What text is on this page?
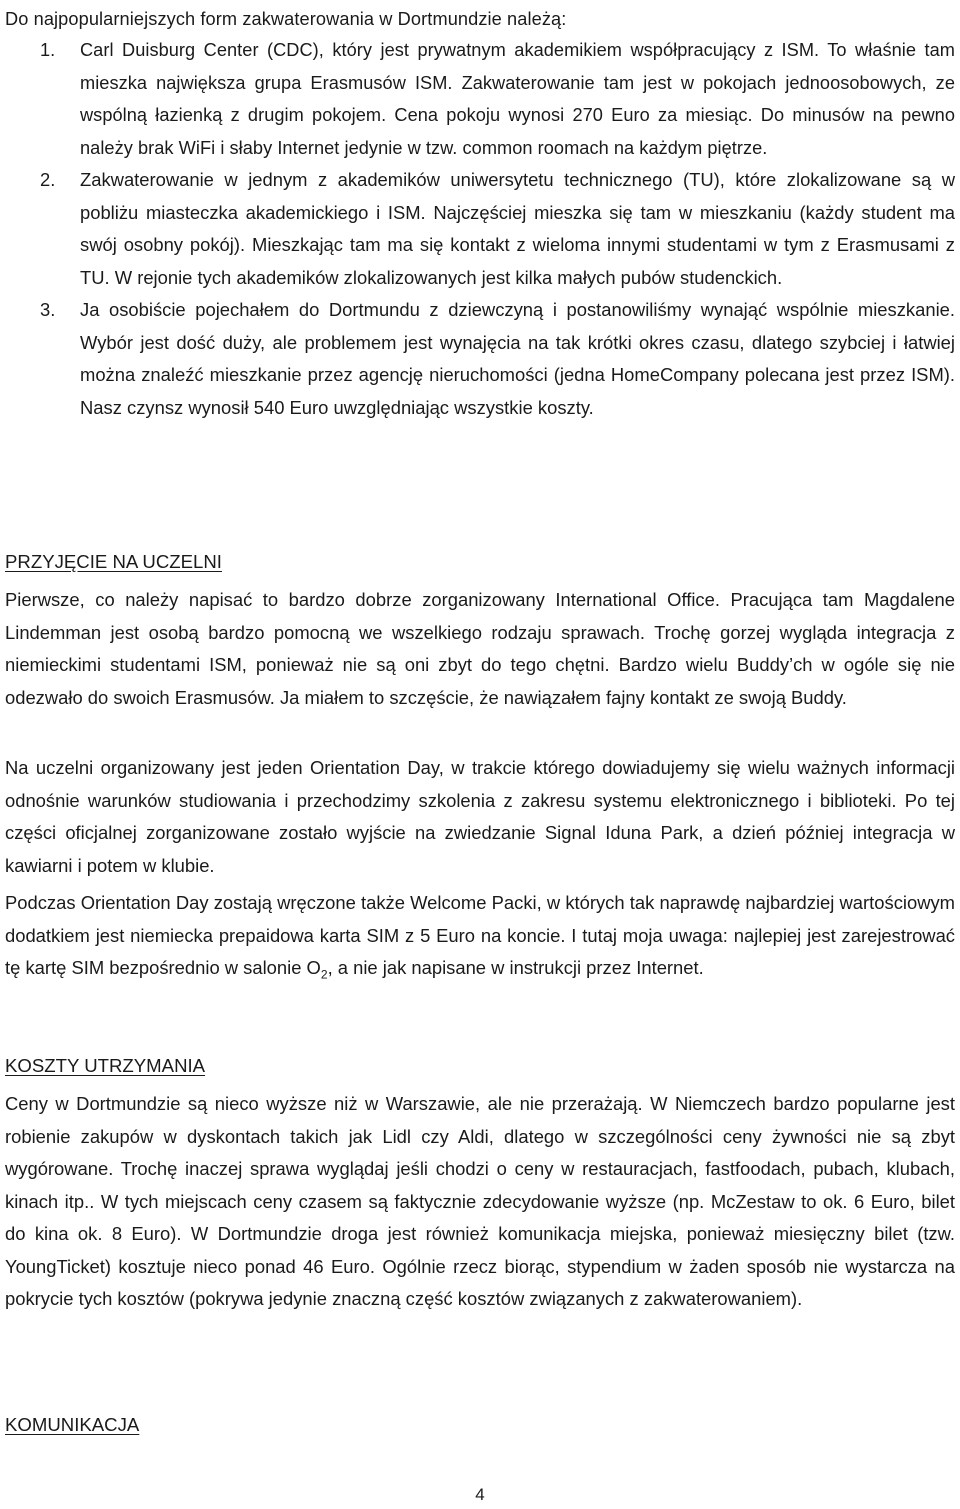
Do najpopularniejszych form zakwaterowania w Dortmundzie należą:
1. Carl Duisburg Center (CDC), który jest prywatnym akademikiem współpracujący z ISM. To właśnie tam mieszka największa grupa Erasmusów ISM. Zakwaterowanie tam jest w pokojach jednoosobowych, ze wspólną łazienką z drugim pokojem. Cena pokoju wynosi 270 Euro za miesiąc. Do minusów na pewno należy brak WiFi i słaby Internet jedynie w tzw. common roomach na każdym piętrze.
2. Zakwaterowanie w jednym z akademików uniwersytetu technicznego (TU), które zlokalizowane są w pobliżu miasteczka akademickiego i ISM. Najczęściej mieszka się tam w mieszkaniu (każdy student ma swój osobny pokój). Mieszkając tam ma się kontakt z wieloma innymi studentami w tym z Erasmusami z TU. W rejonie tych akademików zlokalizowanych jest kilka małych pubów studenckich.
3. Ja osobiście pojechałem do Dortmundu z dziewczyną i postanowiliśmy wynająć wspólnie mieszkanie. Wybór jest dość duży, ale problemem jest wynajęcia na tak krótki okres czasu, dlatego szybciej i łatwiej można znaleźć mieszkanie przez agencję nieruchomości (jedna HomeCompany polecana jest przez ISM). Nasz czynsz wynosił 540 Euro uwzględniając wszystkie koszty.
PRZYJĘCIE NA UCZELNI

Pierwsze, co należy napisać to bardzo dobrze zorganizowany International Office. Pracująca tam Magdalene Lindemman jest osobą bardzo pomocną we wszelkiego rodzaju sprawach. Trochę gorzej wygląda integracja z niemieckimi studentami ISM, ponieważ nie są oni zbyt do tego chętni. Bardzo wielu Buddy’ch w ogóle się nie odezwało do swoich Erasmusów. Ja miałem to szczęście, że nawiązałem fajny kontakt ze swoją Buddy.

Na uczelni organizowany jest jeden Orientation Day, w trakcie którego dowiadujemy się wielu ważnych informacji odnośnie warunków studiowania i przechodzimy szkolenia z zakresu systemu elektronicznego i biblioteki. Po tej części oficjalnej zorganizowane zostało wyjście na zwiedzanie Signal Iduna Park, a dzień później integracja w kawiarni i potem w klubie.

Podczas Orientation Day zostają wręczone także Welcome Packi, w których tak naprawdę najbardziej wartościowym dodatkiem jest niemiecka prepaidowa karta SIM z 5 Euro na koncie. I tutaj moja uwaga: najlepiej jest zarejestrować tę kartę SIM bezpośrednio w salonie $O_2$, a nie jak napisane w instrukcji przez Internet.

KOSZTY UTRZYMANIA

Ceny w Dortmundzie są nieco wyższe niż w Warszawie, ale nie przerażają. W Niemczech bardzo popularne jest robienie zakupów w dyskontach takich jak Lidl czy Aldi, dlatego w szczególności ceny żywności nie są zbyt wygórowane. Trochę inaczej sprawa wyglądaj jeśli chodzi o ceny w restauracjach, fastfoodach, pubach, klubach, kinach itp.. W tych miejscach ceny czasem są faktycznie zdecydowanie wyższe (np. McZestaw to ok. 6 Euro, bilet do kina ok. 8 Euro). W Dortmundzie droga jest również komunikacja miejska, ponieważ miesięczny bilet (tzw. YoungTicket) kosztuje nieco ponad 46 Euro. Ogólnie rzecz biorąc, stypendium w żaden sposób nie wystarcza na pokrycie tych kosztów (pokrywa jedynie znaczną część kosztów związanych z zakwaterowaniem).

KOMUNIKACJA
4
